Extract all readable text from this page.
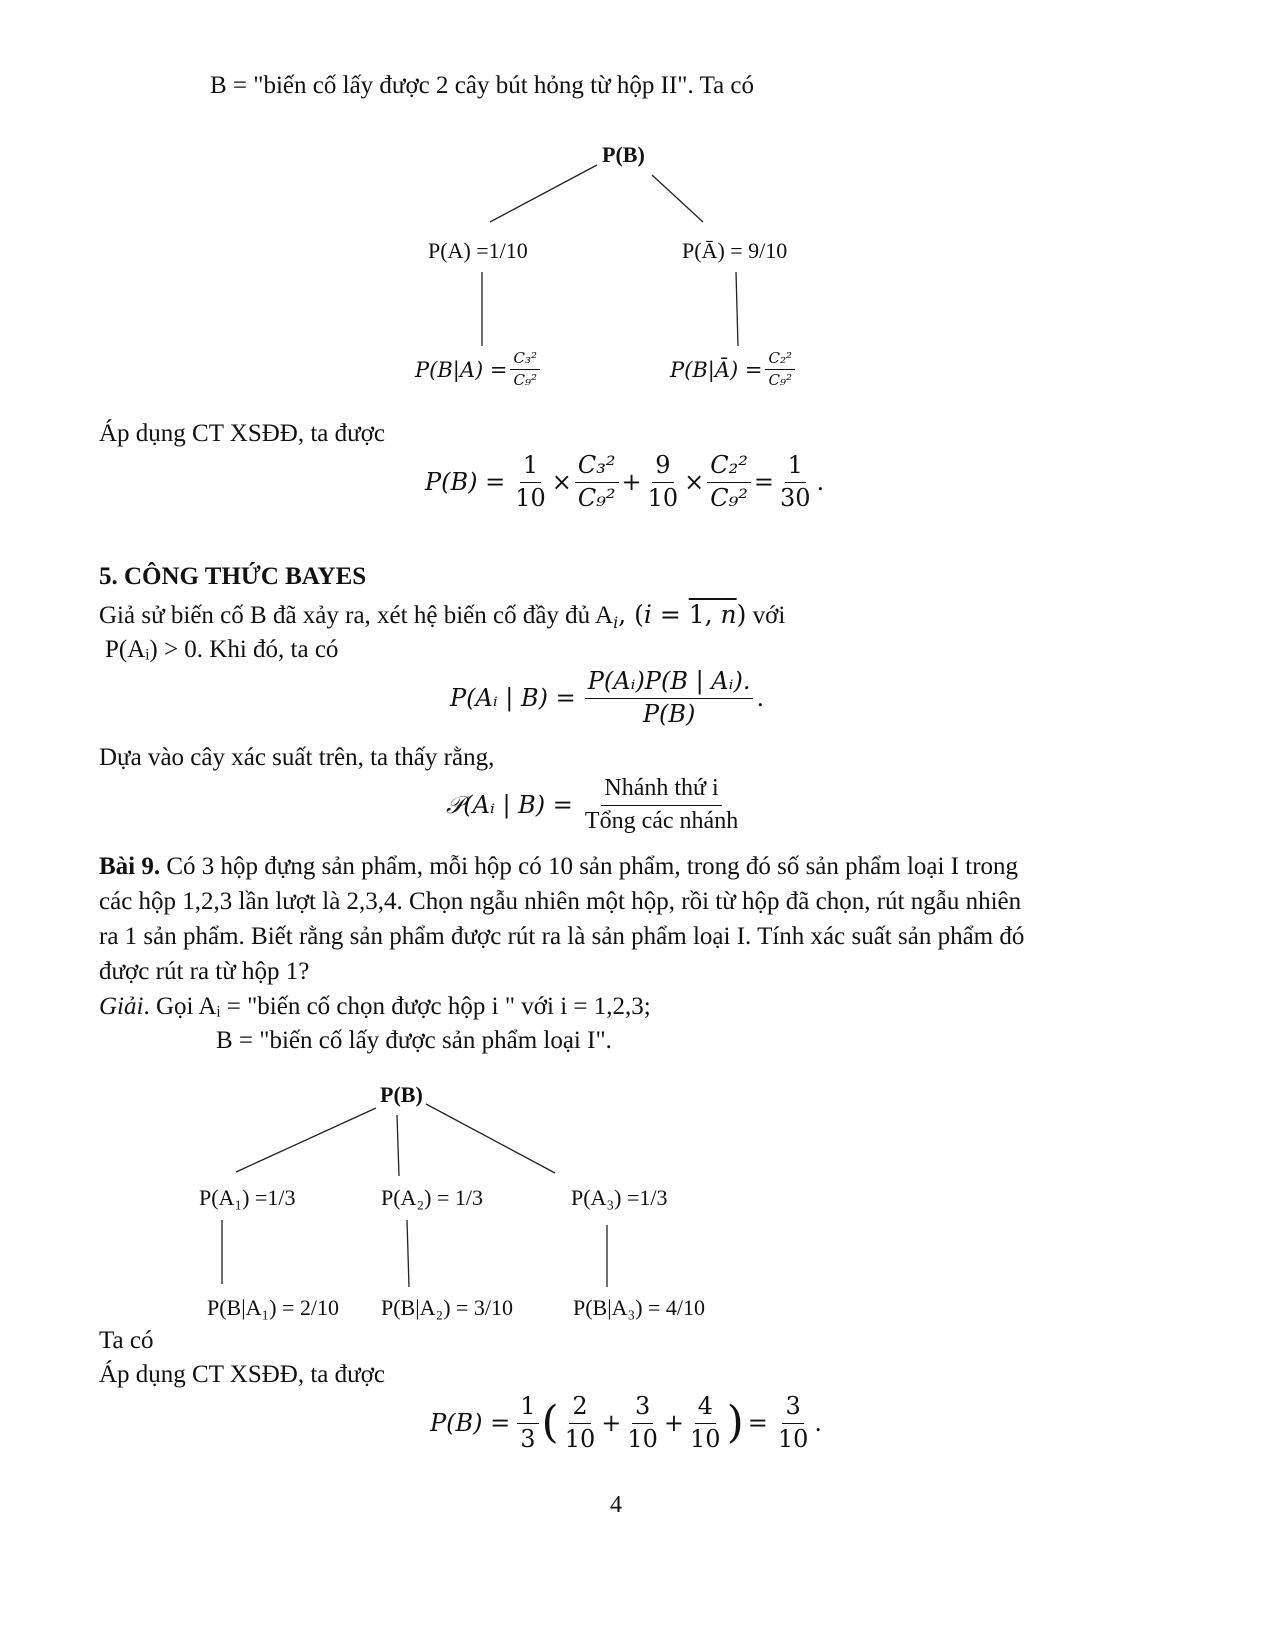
B = "biến cố lấy được 2 cây bút hỏng từ hộp II". Ta có
P(B)
P(A) =1/10	P(Ā) = 9/10
$P(B|A) = \frac{\text{C₃²}}{\text{C₉²}}$	P(B|Ā) = $\frac{\text{C₂²}}{\text{C₉²}}$
Áp dụng CT XSĐĐ, ta được
$P(B) = \frac{1}{10} \times \frac{\text{C₃²}}{\text{C₉²}} + \frac{9}{10} \times \frac{\text{C₂²}}{\text{C₉²}} = \frac{1}{30}$ .
5. CÔNG THỨC BAYES
Giả sử biến cố B đã xảy ra, xét hệ biến cố đầy đủ $A_i$, (i = 1, n) với
P(Aᵢ) > 0. Khi đó, ta có
P(Aᵢ | $B) = \frac{\text{P(Aᵢ)P(B | Aᵢ).}}{P(B)}$ .
Dựa vào cây xác suất trên, ta thấy rằng,
𝒫(Aᵢ | $B) = \frac{\text{Nhánh thứ i}}{\text{Tổng các nhánh}}$
Bài 9. Có 3 hộp đựng sản phẩm, mỗi hộp có 10 sản phẩm, trong đó số sản phẩm loại I trong
các hộp 1,2,3 lần lượt là 2,3,4. Chọn ngẫu nhiên một hộp, rồi từ hộp đã chọn, rút ngẫu nhiên
ra 1 sản phẩm. Biết rằng sản phẩm được rút ra là sản phẩm loại I. Tính xác suất sản phẩm đó
được rút ra từ hộp 1?
Giải. Gọi Aᵢ = "biến cố chọn được hộp i " với i = 1,2,3;
B = "biến cố lấy được sản phẩm loại I".
P(B)
P(A₁) =1/3	P(A₂) = 1/3	P(A₃) =1/3
P(B|A₁) = 2/10 P(B|A₂) = 3/10	P(B|A₃) = 4/10
Ta có
Áp dụng CT XSĐĐ, ta được
$P(B) = \frac{1}{3}$ ( $\frac{2}{10} + \frac{3}{10} + \frac{4}{10}$ ) = $\frac{3}{10}$ .
4
